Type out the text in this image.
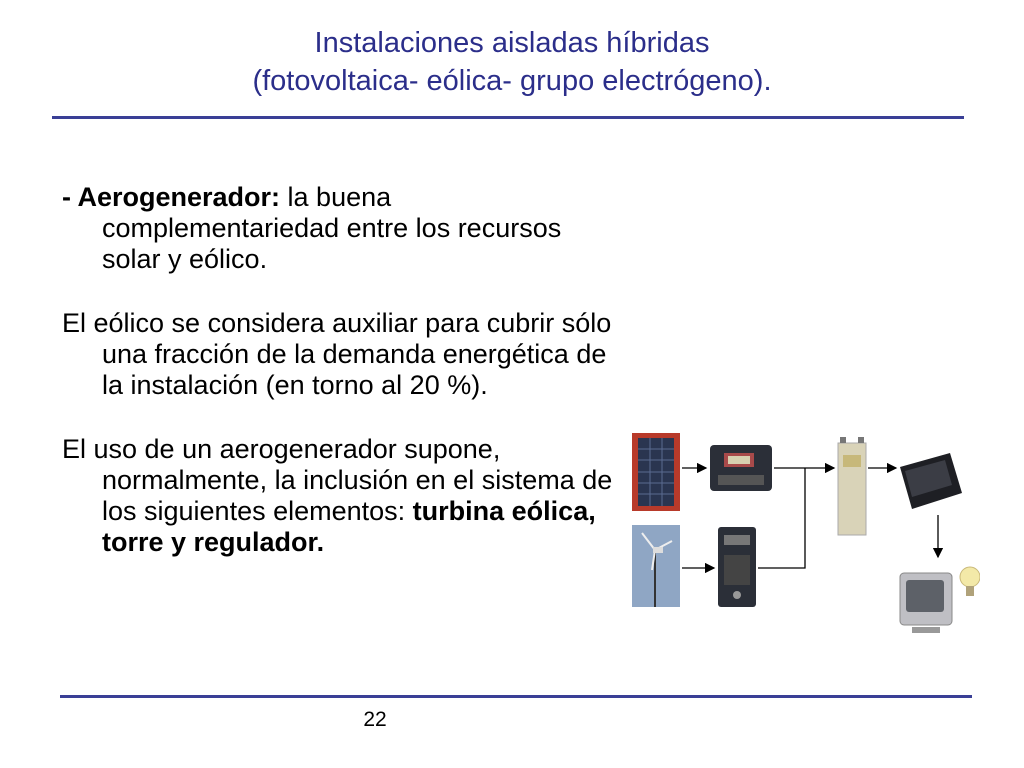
Instalaciones aisladas híbridas
(fotovoltaica- eólica- grupo electrógeno).

- Aerogenerador: la buena complementariedad entre los recursos solar y eólico.

El eólico se considera auxiliar para cubrir sólo una fracción de la demanda energética de la instalación (en torno al 20 %).

El uso de un aerogenerador supone, normalmente, la inclusión en el sistema de los siguientes elementos: turbina eólica, torre y regulador.

22
